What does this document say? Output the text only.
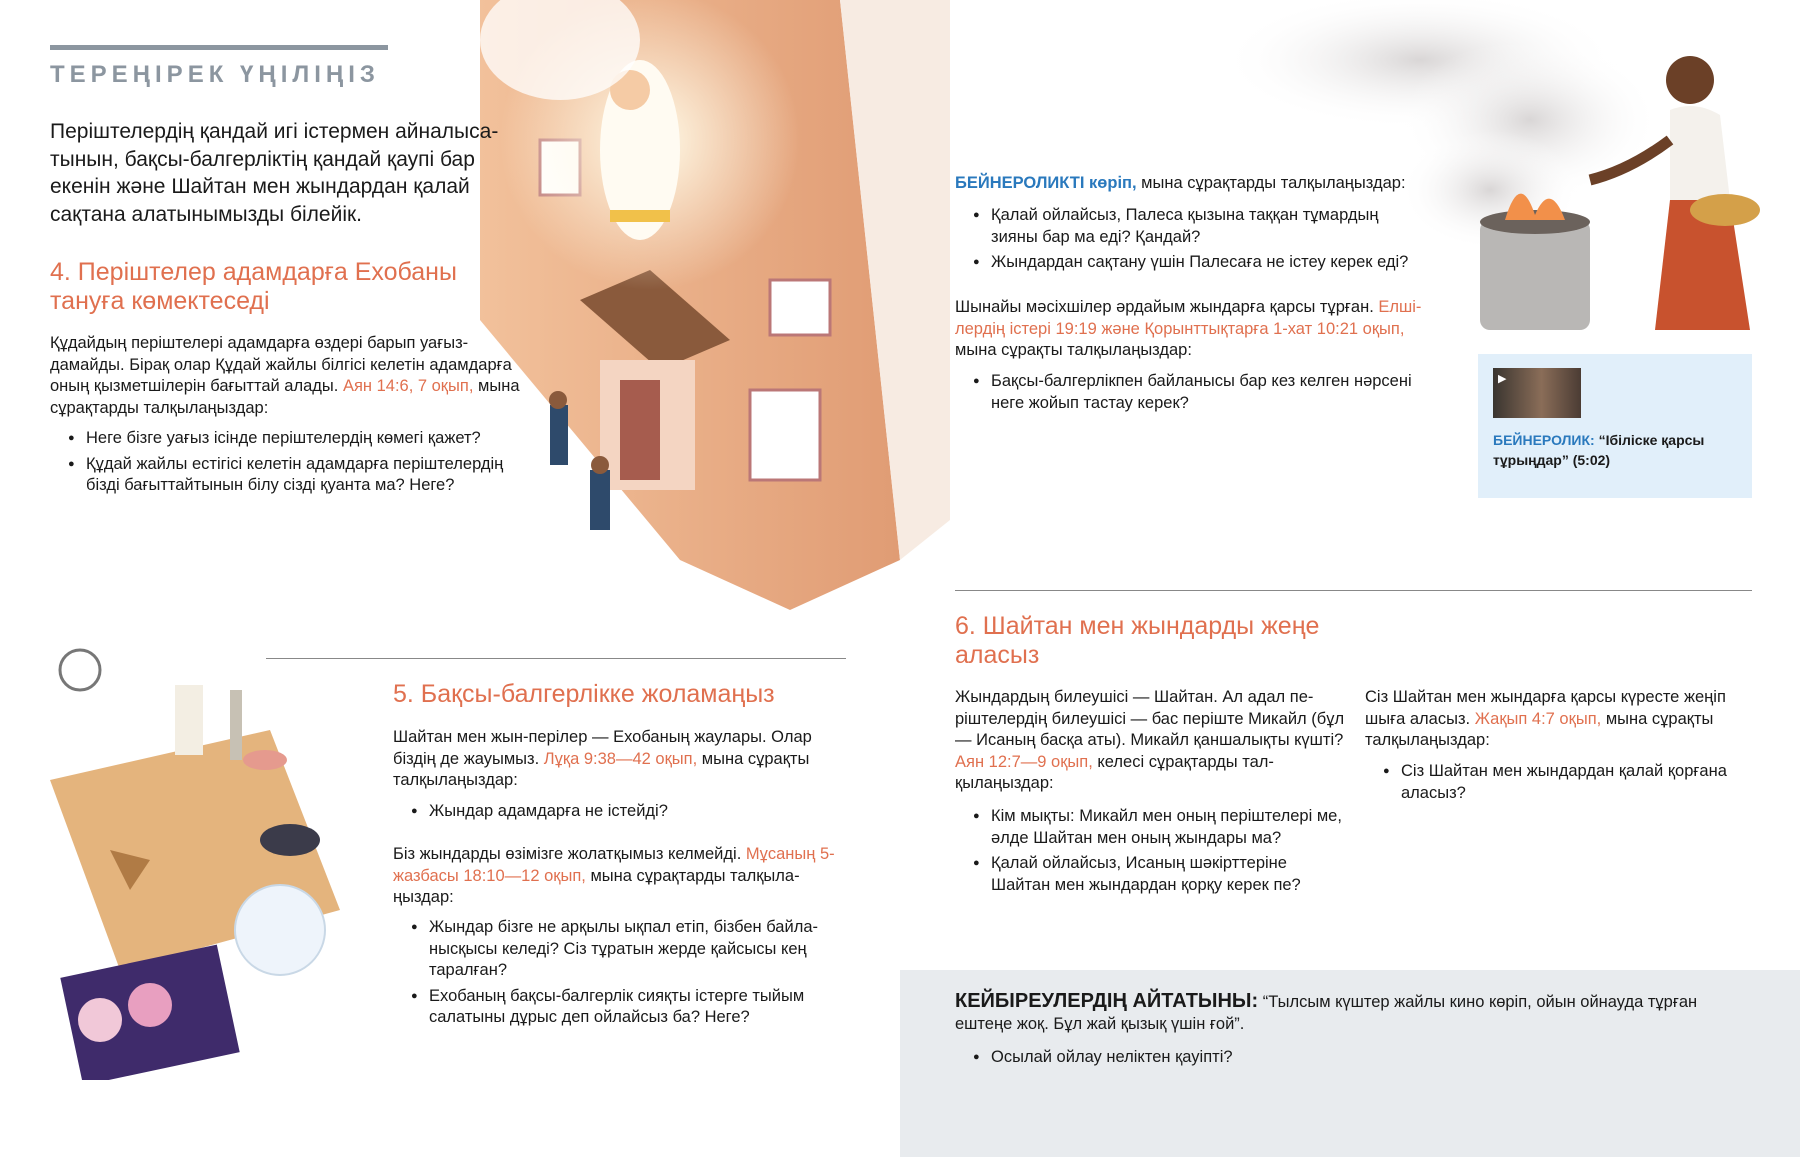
ТЕРЕҢІРЕК ҮҢІЛІҢІЗ
Періштелердің қандай игі істермен айналысатынын, бақсы-балгерліктің қандай қаупі бар екенін және Шайтан мен жындардан қалай сақтана алатынымызды білейік.
4. Періштелер адамдарға Ехобаны тануға көмектеседі
Құдайдың періштелері адамдарға өздері барып уағыздамайды. Бірақ олар Құдай жайлы білгісі келетін адамдарға оның қызметшілерін бағыттай алады. Аян 14:6, 7 оқып, мына сұрақтарды талқылаңыздар:
● Неге бізге уағыз ісінде періштелердің көмегі қажет?
● Құдай жайлы естігісі келетін адамдарға періштелердің бізді бағыттайтынын білу сізді қуанта ма? Неге?
БЕЙНЕРОЛИКТІ көріп, мына сұрақтарды талқылаңыздар:
● Қалай ойлайсыз, Палеса қызына таққан тұмардың зияны бар ма еді? Қандай?
● Жындардан сақтану үшін Палесаға не істеу керек еді?
Шынайы мәсіхшілер әрдайым жындарға қарсы тұрған. Елшілердің істері 19:19 және Қорынттықтарға 1-хат 10:21 оқып, мына сұрақты талқылаңыздар:
● Бақсы-балгерлікпен байланысы бар кез келген нәрсені неге жойып тастау керек?
▶
БЕЙНЕРОЛИК: “Ібіліске қарсы тұрыңдар” (5:02)
5. Бақсы-балгерлікке жоламаңыз
Шайтан мен жын-перілер — Ехобаның жаулары. Олар біздің де жауымыз. Лұқа 9:38—42 оқып, мына сұрақты талқылаңыздар:
● Жындар адамдарға не істейді?
Біз жындарды өзімізге жолатқымыз келмейді. Мұсаның 5-жазбасы 18:10—12 оқып, мына сұрақтарды талқылаңыздар:
● Жындар бізге не арқылы ықпал етіп, бізбен байланысқысы келеді? Сіз тұратын жерде қайсысы кең таралған?
● Ехобаның бақсы-балгерлік сияқты істерге тыйым салатыны дұрыс деп ойлайсыз ба? Неге?
6. Шайтан мен жындарды жеңе аласыз
Жындардың билеушісі — Шайтан. Ал адал періштелердің билеушісі — бас періште Микайл (бұл — Исаның басқа аты). Микайл қаншалықты күшті? Аян 12:7—9 оқып, келесі сұрақтарды талқылаңыздар:
● Кім мықты: Микайл мен оның періштелері ме, әлде Шайтан мен оның жындары ма?
● Қалай ойлайсыз, Исаның шәкірттеріне Шайтан мен жындардан қорқу керек пе?
Сіз Шайтан мен жындарға қарсы күресте жеңіп шыға аласыз. Жақып 4:7 оқып, мына сұрақты талқылаңыздар:
● Сіз Шайтан мен жындардан қалай қорғана аласыз?
КЕЙБІРЕУЛЕРДІҢ АЙТАТЫНЫ: “Тылсым күштер жайлы кино көріп, ойын ойнауда тұрған ештеңе жоқ. Бұл жай қызық үшін ғой”.
● Осылай ойлау неліктен қауіпті?
